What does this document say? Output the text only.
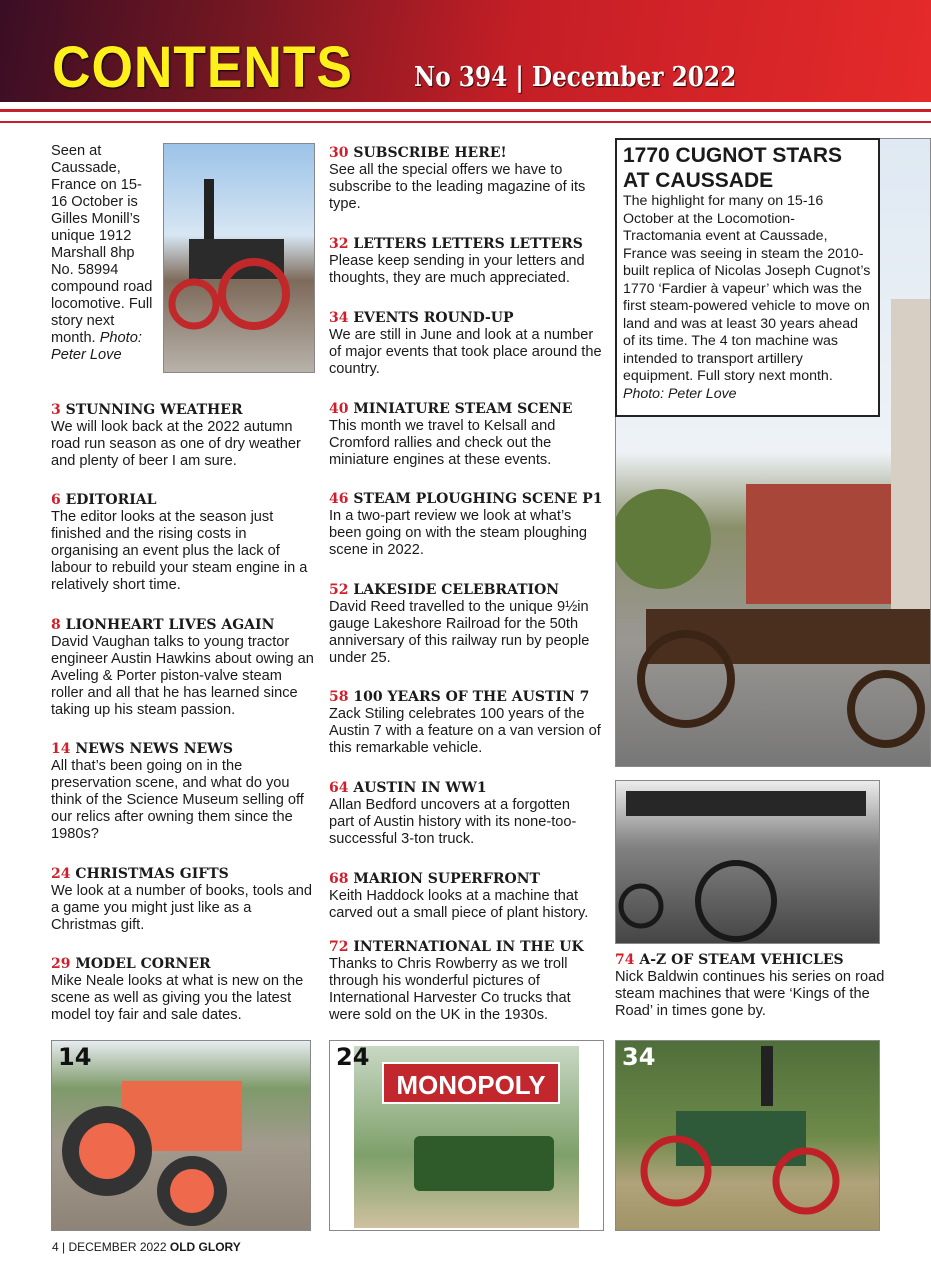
CONTENTS No 394 | December 2022
Seen at Caussade, France on 15-16 October is Gilles Monill’s unique 1912 Marshall 8hp No. 58994 compound road locomotive. Full story next month. Photo: Peter Love
3 STUNNING WEATHER
We will look back at the 2022 autumn road run season as one of dry weather and plenty of beer I am sure.
6 EDITORIAL
The editor looks at the season just finished and the rising costs in organising an event plus the lack of labour to rebuild your steam engine in a relatively short time.
8 LIONHEART LIVES AGAIN
David Vaughan talks to young tractor engineer Austin Hawkins about owing an Aveling & Porter piston-valve steam roller and all that he has learned since taking up his steam passion.
14 NEWS NEWS NEWS
All that’s been going on in the preservation scene, and what do you think of the Science Museum selling off our relics after owning them since the 1980s?
24 CHRISTMAS GIFTS
We look at a number of books, tools and a game you might just like as a Christmas gift.
29 MODEL CORNER
Mike Neale looks at what is new on the scene as well as giving you the latest model toy fair and sale dates.
30 SUBSCRIBE HERE!
See all the special offers we have to subscribe to the leading magazine of its type.
32 LETTERS LETTERS LETTERS
Please keep sending in your letters and thoughts, they are much appreciated.
34 EVENTS ROUND-UP
We are still in June and look at a number of major events that took place around the country.
40 MINIATURE STEAM SCENE
This month we travel to Kelsall and Cromford rallies and check out the miniature engines at these events.
46 STEAM PLOUGHING SCENE P1
In a two-part review we look at what’s been going on with the steam ploughing scene in 2022.
52 LAKESIDE CELEBRATION
David Reed travelled to the unique 9½in gauge Lakeshore Railroad for the 50th anniversary of this railway run by people under 25.
58 100 YEARS OF THE AUSTIN 7
Zack Stiling celebrates 100 years of the Austin 7 with a feature on a van version of this remarkable vehicle.
64 AUSTIN IN WW1
Allan Bedford uncovers at a forgotten part of Austin history with its none-too-successful 3-ton truck.
68 MARION SUPERFRONT
Keith Haddock looks at a machine that carved out a small piece of plant history.
72 INTERNATIONAL IN THE UK
Thanks to Chris Rowberry as we troll through his wonderful pictures of International Harvester Co trucks that were sold on the UK in the 1930s.
1770 CUGNOT STARS AT CAUSSADE

The highlight for many on 15-16 October at the Locomotion-Tractomania event at Caussade, France was seeing in steam the 2010-built replica of Nicolas Joseph Cugnot’s 1770 ‘Fardier à vapeur’ which was the first steam-powered vehicle to move on land and was at least 30 years ahead of its time. The 4 ton machine was intended to transport artillery equipment. Full story next month. Photo: Peter Love

74 A-Z OF STEAM VEHICLES
Nick Baldwin continues his series on road steam machines that were ‘Kings of the Road’ in times gone by.
14
MONOPOLY
24	34
4 | DECEMBER 2022 OLD GLORY
